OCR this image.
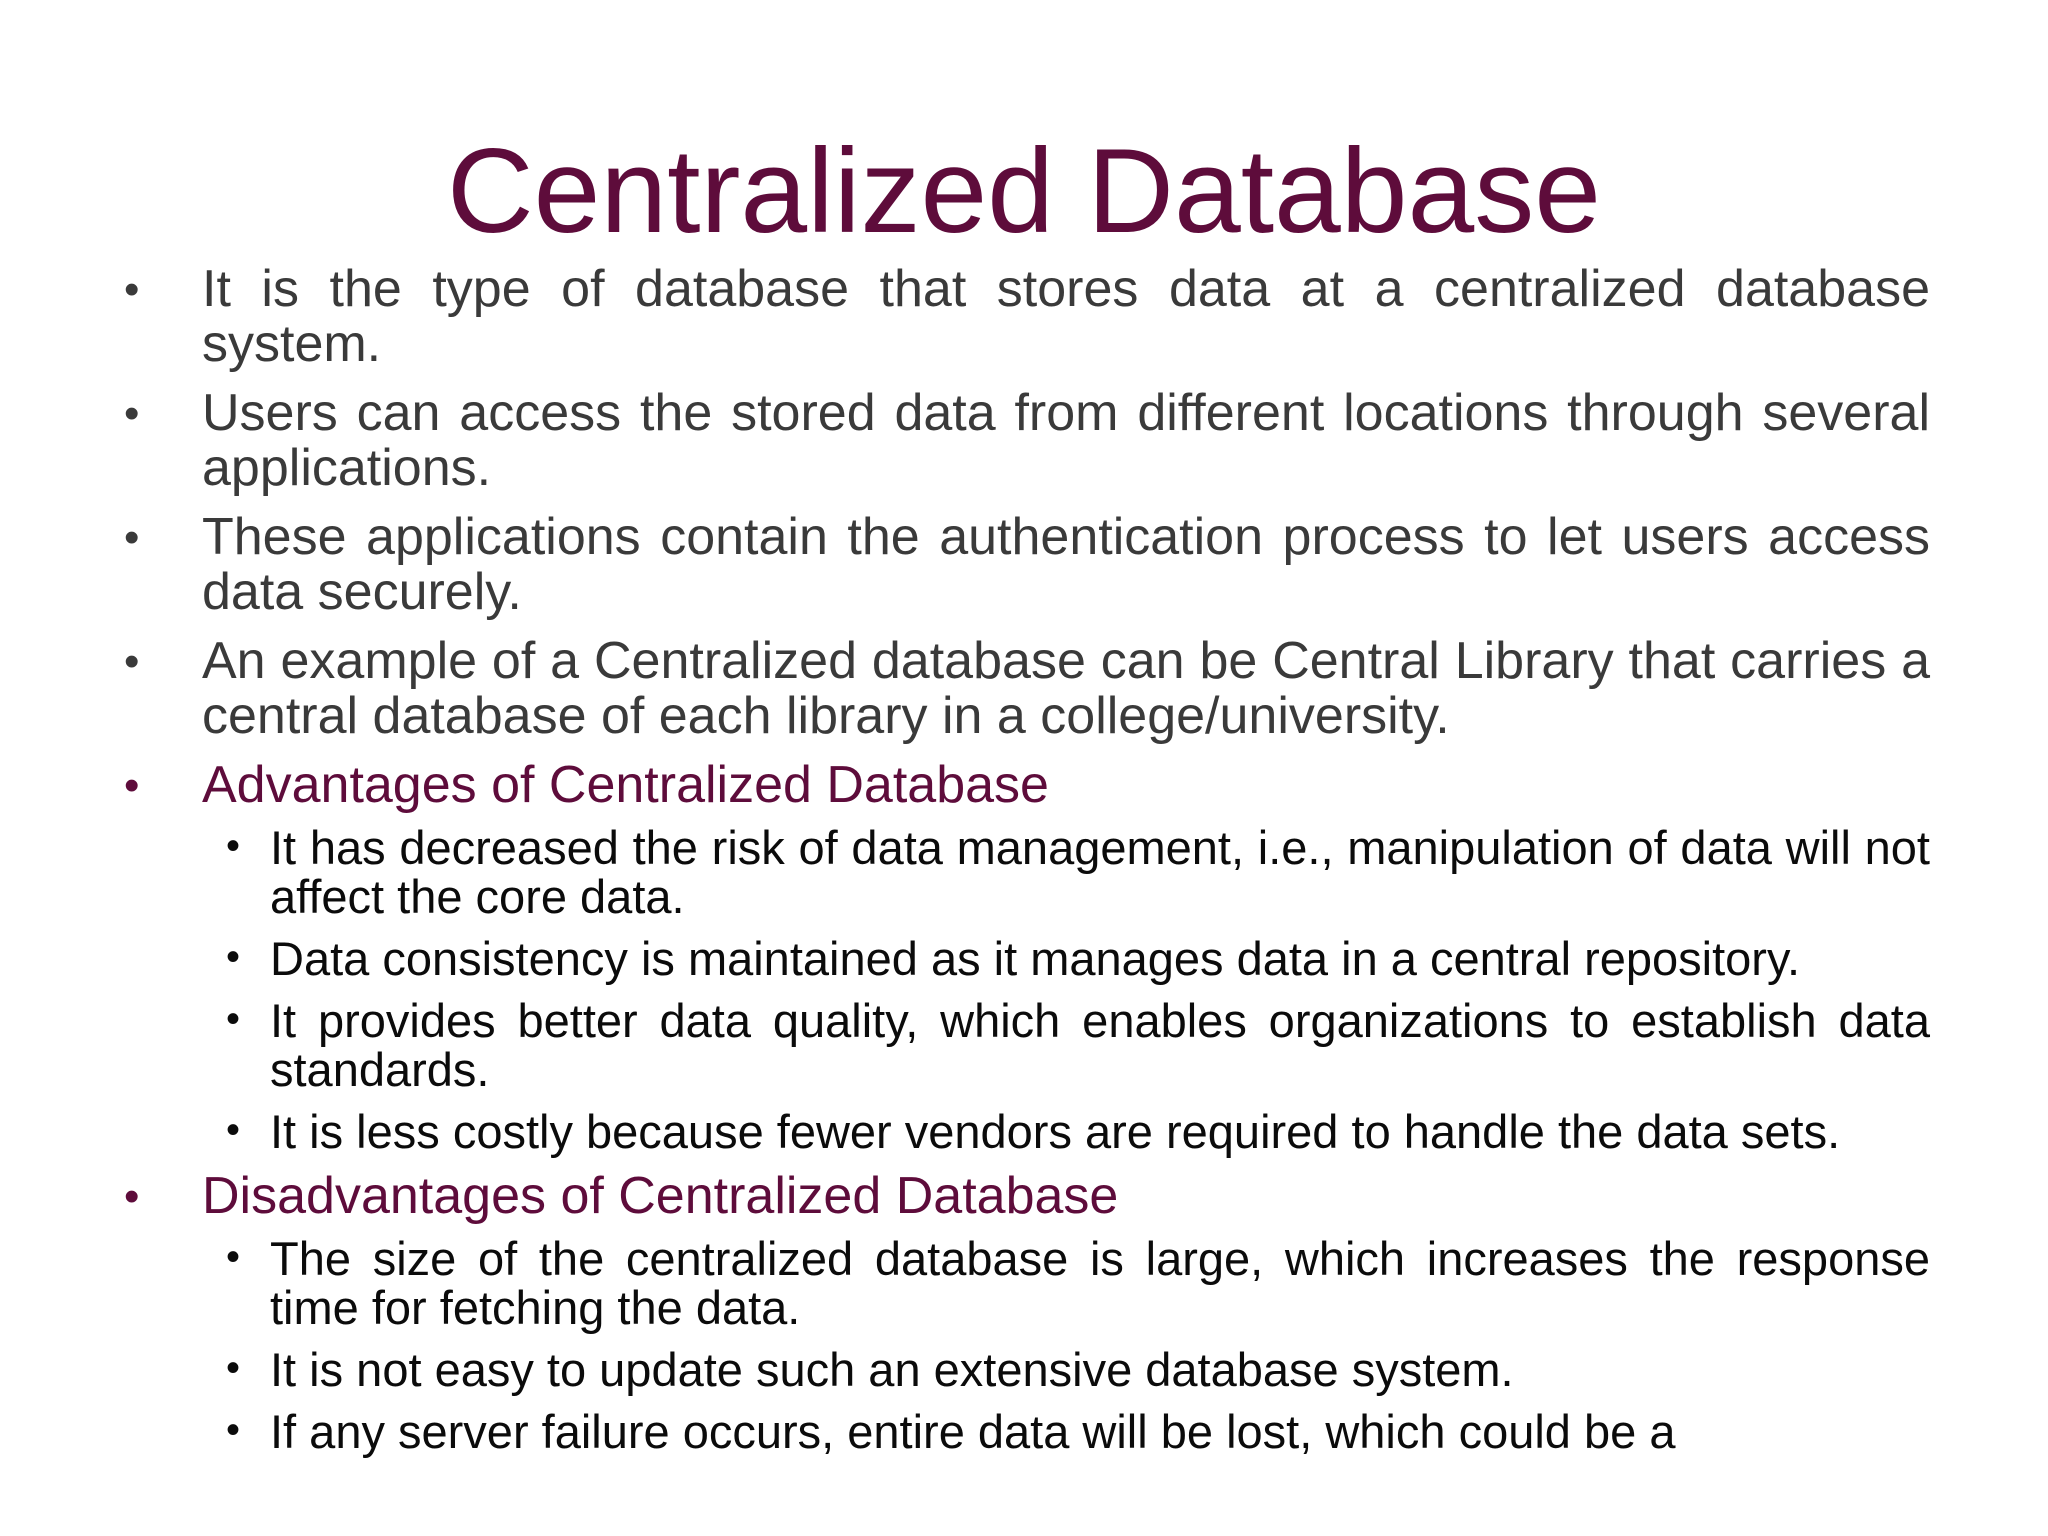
Centralized Database
• It is the type of database that stores data at a centralized database system.
• Users can access the stored data from different locations through several applications.
• These applications contain the authentication process to let users access data securely.
• An example of a Centralized database can be Central Library that carries a central database of each library in a college/university.
• Advantages of Centralized Database
• It has decreased the risk of data management, i.e., manipulation of data will not affect the core data.
• Data consistency is maintained as it manages data in a central repository.
• It provides better data quality, which enables organizations to establish data standards.
• It is less costly because fewer vendors are required to handle the data sets.
• Disadvantages of Centralized Database
• The size of the centralized database is large, which increases the response time for fetching the data.
• It is not easy to update such an extensive database system.
• If any server failure occurs, entire data will be lost, which could be a
